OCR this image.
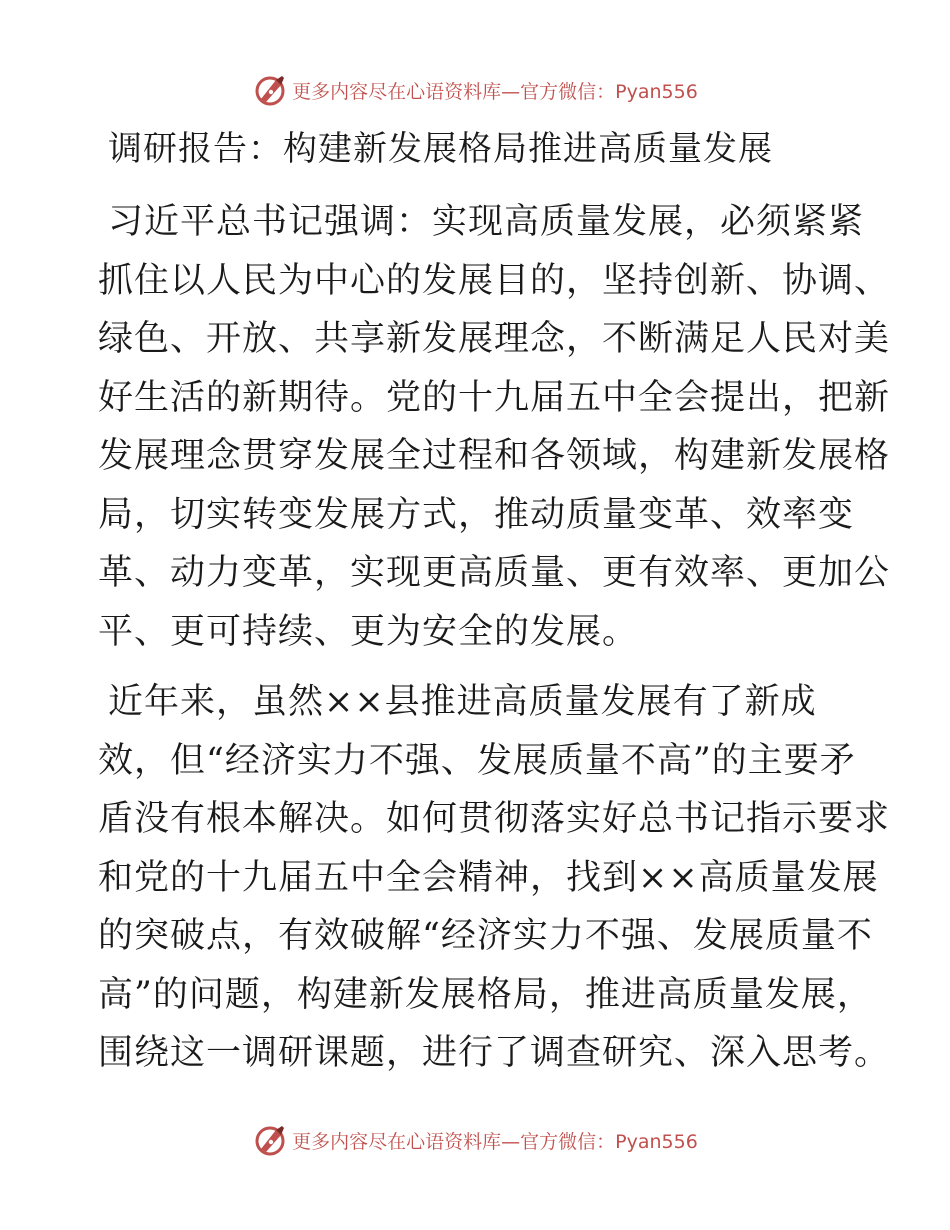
更多内容尽在心语资料库—官方微信：Pyan556
调研报告：构建新发展格局推进高质量发展

习近平总书记强调：实现高质量发展，必须紧紧
抓住以人民为中心的发展目的，坚持创新、协调、
绿色、开放、共享新发展理念，不断满足人民对美
好生活的新期待。党的十九届五中全会提出，把新
发展理念贯穿发展全过程和各领域，构建新发展格
局，切实转变发展方式，推动质量变革、效率变
革、动力变革，实现更高质量、更有效率、更加公
平、更可持续、更为安全的发展。

近年来，虽然××县推进高质量发展有了新成
效，但“经济实力不强、发展质量不高”的主要矛
盾没有根本解决。如何贯彻落实好总书记指示要求
和党的十九届五中全会精神，找到××高质量发展
的突破点，有效破解“经济实力不强、发展质量不
高”的问题，构建新发展格局，推进高质量发展，
围绕这一调研课题，进行了调查研究、深入思考。

更多内容尽在心语资料库—官方微信：Pyan556
